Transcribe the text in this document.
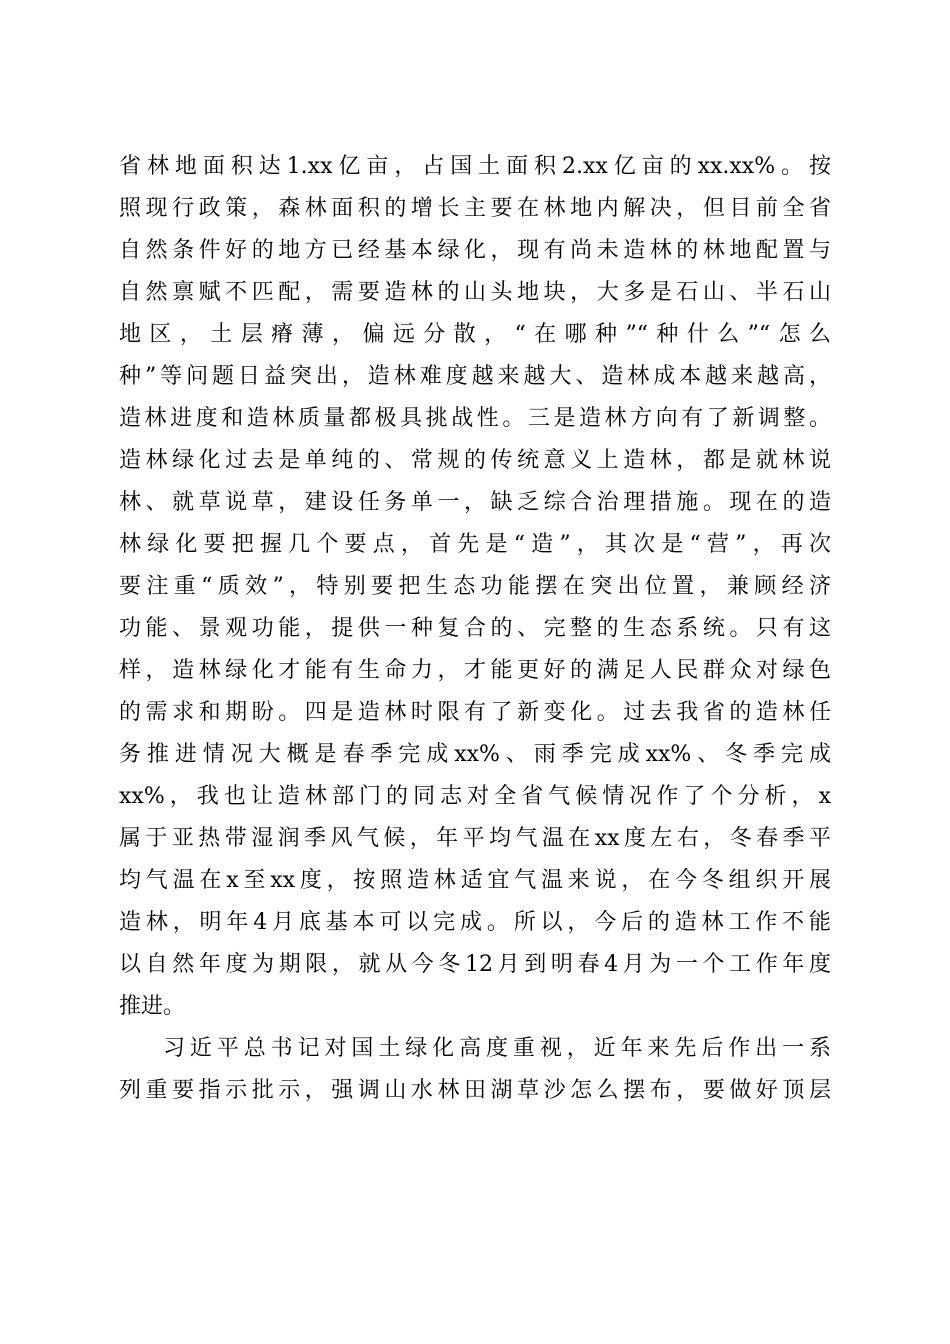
省林地面积达1.xx亿亩，占国土面积2.xx亿亩的xx.xx%。按
照现行政策，森林面积的增长主要在林地内解决，但目前全省
自然条件好的地方已经基本绿化，现有尚未造林的林地配置与
自然禀赋不匹配，需要造林的山头地块，大多是石山、半石山
地区，土层瘠薄，偏远分散，“在哪种”“种什么”“怎么
种”等问题日益突出，造林难度越来越大、造林成本越来越高，
造林进度和造林质量都极具挑战性。三是造林方向有了新调整。
造林绿化过去是单纯的、常规的传统意义上造林，都是就林说
林、就草说草，建设任务单一，缺乏综合治理措施。现在的造
林绿化要把握几个要点，首先是“造”，其次是“营”，再次
要注重“质效”，特别要把生态功能摆在突出位置，兼顾经济
功能、景观功能，提供一种复合的、完整的生态系统。只有这
样，造林绿化才能有生命力，才能更好的满足人民群众对绿色
的需求和期盼。四是造林时限有了新变化。过去我省的造林任
务推进情况大概是春季完成xx%、雨季完成xx%、冬季完成
xx%，我也让造林部门的同志对全省气候情况作了个分析，x
属于亚热带湿润季风气候，年平均气温在xx度左右，冬春季平
均气温在x至xx度，按照造林适宜气温来说，在今冬组织开展
造林，明年4月底基本可以完成。所以，今后的造林工作不能
以自然年度为期限，就从今冬12月到明春4月为一个工作年度
推进。
习近平总书记对国土绿化高度重视，近年来先后作出一系
列重要指示批示，强调山水林田湖草沙怎么摆布，要做好顶层
